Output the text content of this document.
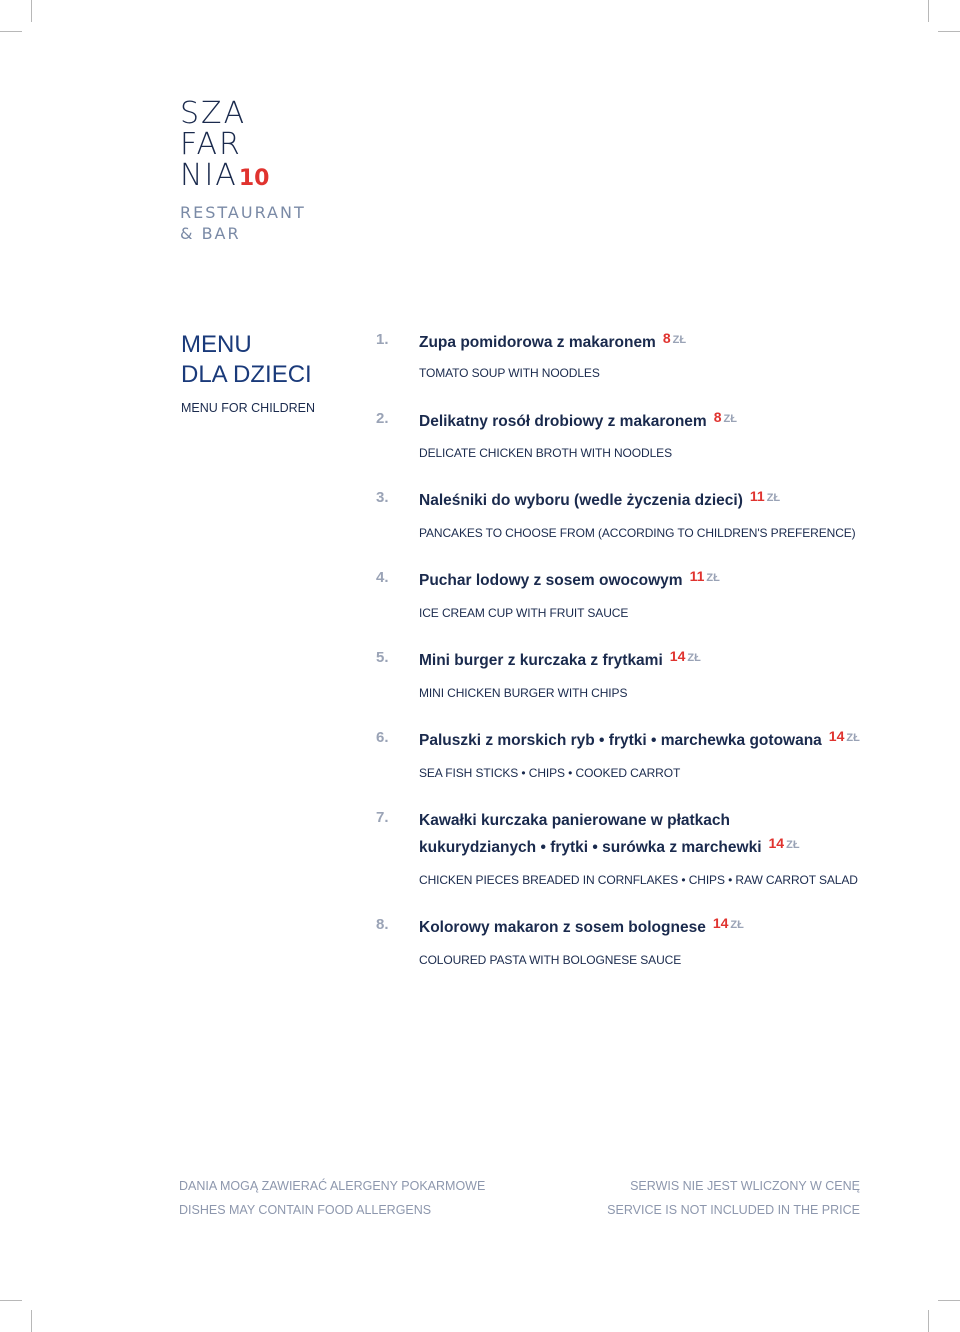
SZA
FAR
NIA10
RESTAURANT
& BAR
MENU
DLA DZIECI
MENU FOR CHILDREN
1. Zupa pomidorowa z makaronem 8 ZŁ
TOMATO SOUP WITH NOODLES
2. Delikatny rosół drobiowy z makaronem 8 ZŁ
DELICATE CHICKEN BROTH WITH NOODLES
3. Naleśniki do wyboru (wedle życzenia dzieci) 11 ZŁ
PANCAKES TO CHOOSE FROM (ACCORDING TO CHILDREN'S PREFERENCE)
4. Puchar lodowy z sosem owocowym 11 ZŁ
ICE CREAM CUP WITH FRUIT SAUCE
5. Mini burger z kurczaka z frytkami 14 ZŁ
MINI CHICKEN BURGER WITH CHIPS
6. Paluszki z morskich ryb • frytki • marchewka gotowana 14 ZŁ
SEA FISH STICKS • CHIPS • COOKED CARROT
7. Kawałki kurczaka panierowane w płatkach
kukurydzianych • frytki • surówka z marchewki 14 ZŁ
CHICKEN PIECES BREADED IN CORNFLAKES • CHIPS • RAW CARROT SALAD
8. Kolorowy makaron z sosem bolognese 14 ZŁ
COLOURED PASTA WITH BOLOGNESE SAUCE
DANIA MOGĄ ZAWIERAĆ ALERGENY POKARMOWE
DISHES MAY CONTAIN FOOD ALLERGENS
SERWIS NIE JEST WLICZONY W CENĘ
SERVICE IS NOT INCLUDED IN THE PRICE
